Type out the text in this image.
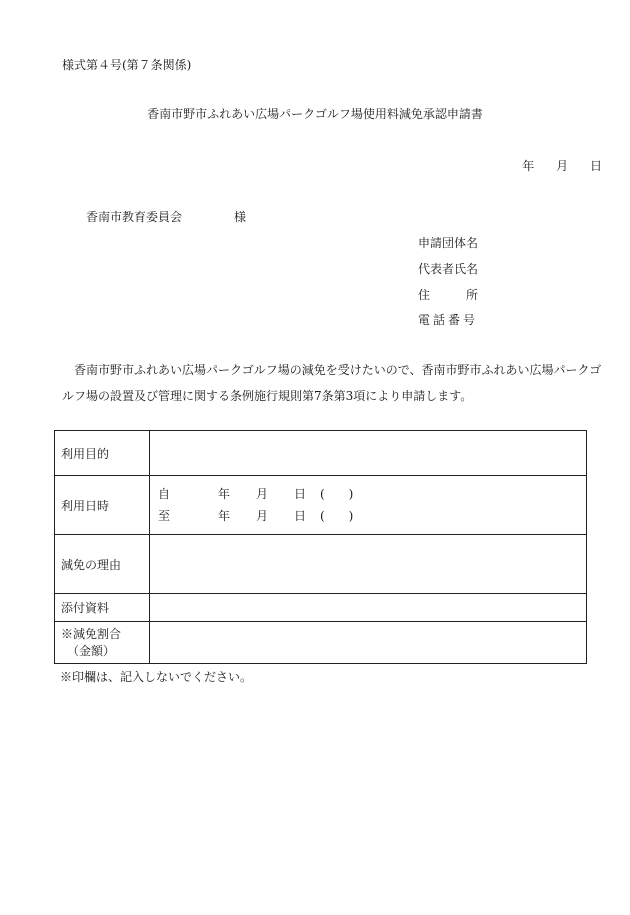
様式第４号(第７条関係)
香南市野市ふれあい広場パークゴルフ場使用料減免承認申請書
年 月 日
香南市教育委員会	様
申請団体名
代表者氏名
住	所
電話番号
香南市野市ふれあい広場パークゴルフ場の減免を受けたいので、香南市野市ふれあい広場パークゴルフ場の設置及び管理に関する条例施行規則第7条第3項により申請します。
利用目的	
利用日時	自 年 月 日 (　　)
至 年 月 日 (　　)

減免の理由	
添付資料	
※減免割合
（金額）	

※印欄は、記入しないでください。
